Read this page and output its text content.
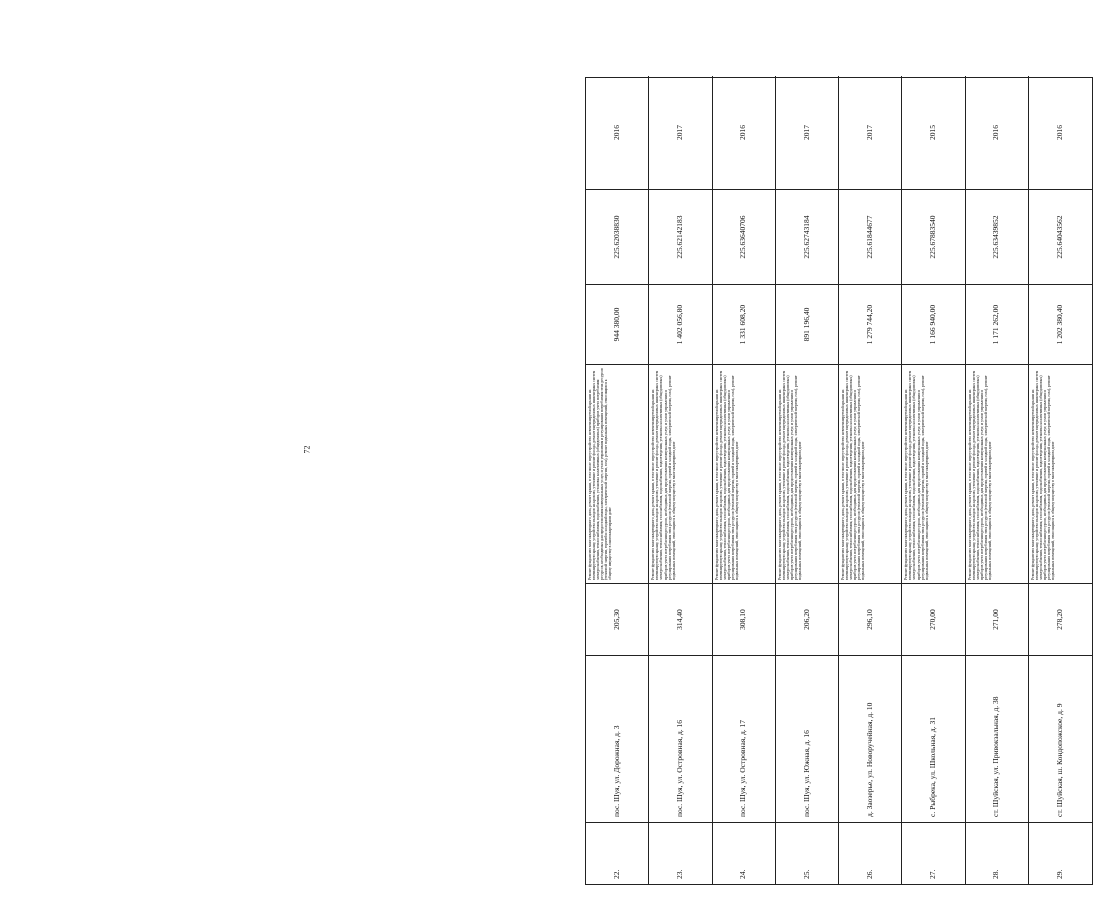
72
22.
пос. Шуя, ул. Дорожная, д. 3
205,30
Ремонт фундамента многоквартирного дома, ремонт крыши, в том числе переустройство невентилируемой крыши на вентилируемую крышу, устройство выходов на кровлю, утепление и ремонт фасада, ремонт внутридомовых инженерных систем электроснабжения, теплоснабжения, водоснабжения, установка коллективных (общедомовых) приборов учета потребления ресурсов, необходимых для предоставления коммунальных услуг, и узлов управления и регулирования потребления этих ресурсов (тепловой энергии, горячей и холодной воды, электрической энергии, газа), ремонт подвальных помещений, относящихся к общему имуществу в многоквартирном доме
944 380,00
225.62038830
2016
23.
пос. Шуя, ул. Островная, д. 16
314,40
Ремонт фундамента многоквартирного дома, ремонт крыши, в том числе переустройство невентилируемой крыши на вентилируемую крышу, устройство выходов на кровлю, утепление и ремонт фасада, ремонт внутридомовых инженерных систем электроснабжения, теплоснабжения, газоснабжения, водоснабжения, водоотведения, установка коллективных (общедомовых) приборов учета потребления ресурсов, необходимых для предоставления коммунальных услуг, и узлов управления и регулирования потребления этих ресурсов (тепловой энергии, горячей и холодной воды, электрической энергии, газа), ремонт подвальных помещений, относящихся к общему имуществу в многоквартирном доме
1 402 056,80
225.62142183
2017
24.
пос. Шуя, ул. Островная, д. 17
308,10
Ремонт фундамента многоквартирного дома, ремонт крыши, в том числе переустройство невентилируемой крыши на вентилируемую крышу, устройство выходов на кровлю, утепление и ремонт фасада, ремонт внутридомовых инженерных систем электроснабжения, теплоснабжения, газоснабжения, водоснабжения, водоотведения, установка коллективных (общедомовых) приборов учета потребления ресурсов, необходимых для предоставления коммунальных услуг, и узлов управления и регулирования потребления этих ресурсов (тепловой энергии, горячей и холодной воды, электрической энергии, газа), ремонт подвальных помещений, относящихся к общему имуществу в многоквартирном доме
1 331 608,20
225.63640706
2016
25.
пос. Шуя, ул. Южная, д. 16
206,20
Ремонт фундамента многоквартирного дома, ремонт крыши, в том числе переустройство невентилируемой крыши на вентилируемую крышу, устройство выходов на кровлю, утепление и ремонт фасада, ремонт внутридомовых инженерных систем электроснабжения, теплоснабжения, газоснабжения, водоснабжения, водоотведения, установка коллективных (общедомовых) приборов учета потребления ресурсов, необходимых для предоставления коммунальных услуг, и узлов управления и регулирования потребления этих ресурсов (тепловой энергии, горячей и холодной воды, электрической энергии, газа), ремонт подвальных помещений, относящихся к общему имуществу в многоквартирном доме
891 196,40
225.62743184
2017
26.
д. Заозерье, ул. Новоручейная, д. 10
296,10
Ремонт фундамента многоквартирного дома, ремонт крыши, в том числе переустройство невентилируемой крыши на вентилируемую крышу, устройство выходов на кровлю, утепление и ремонт фасада, ремонт внутридомовых инженерных систем электроснабжения, теплоснабжения, газоснабжения, водоснабжения, водоотведения, установка коллективных (общедомовых) приборов учета потребления ресурсов, необходимых для предоставления коммунальных услуг, и узлов управления и регулирования потребления этих ресурсов (тепловой энергии, горячей и холодной воды, электрической энергии, газа), ремонт подвальных помещений, относящихся к общему имуществу в многоквартирном доме
1 279 744,20
225.61844677
2017
27.
с. Рыбрека, ул. Школьная, д. 31
270,00
Ремонт фундамента многоквартирного дома, ремонт крыши, в том числе переустройство невентилируемой крыши на вентилируемую крышу, устройство выходов на кровлю, утепление и ремонт фасада, ремонт внутридомовых инженерных систем электроснабжения, теплоснабжения, газоснабжения, водоснабжения, водоотведения, установка коллективных (общедомовых) приборов учета потребления ресурсов, необходимых для предоставления коммунальных услуг, и узлов управления и регулирования потребления этих ресурсов (тепловой энергии, горячей и холодной воды, электрической энергии, газа), ремонт подвальных помещений, относящихся к общему имуществу в многоквартирном доме
1 166 940,00
225.67883540
2015
28.
ст. Шуйская, ул. Привокзальная, д. 38
271,00
Ремонт фундамента многоквартирного дома, ремонт крыши, в том числе переустройство невентилируемой крыши на вентилируемую крышу, устройство выходов на кровлю, утепление и ремонт фасада, ремонт внутридомовых инженерных систем электроснабжения, теплоснабжения, газоснабжения, водоснабжения, водоотведения, установка коллективных (общедомовых) приборов учета потребления ресурсов, необходимых для предоставления коммунальных услуг, и узлов управления и регулирования потребления этих ресурсов (тепловой энергии, горячей и холодной воды, электрической энергии, газа), ремонт подвальных помещений, относящихся к общему имуществу в многоквартирном доме
1 171 262,00
225.63439852
2016
29.
ст. Шуйская, ш. Кондопожское, д. 9
278,20
Ремонт фундамента многоквартирного дома, ремонт крыши, в том числе переустройство невентилируемой крыши на вентилируемую крышу, устройство выходов на кровлю, утепление и ремонт фасада, ремонт внутридомовых инженерных систем электроснабжения, теплоснабжения, газоснабжения, водоснабжения, водоотведения, установка коллективных (общедомовых) приборов учета потребления ресурсов, необходимых для предоставления коммунальных услуг, и узлов управления и регулирования потребления этих ресурсов (тепловой энергии, горячей и холодной воды, электрической энергии, газа), ремонт подвальных помещений, относящихся к общему имуществу в многоквартирном доме
1 202 380,40
225.64043562
2016
